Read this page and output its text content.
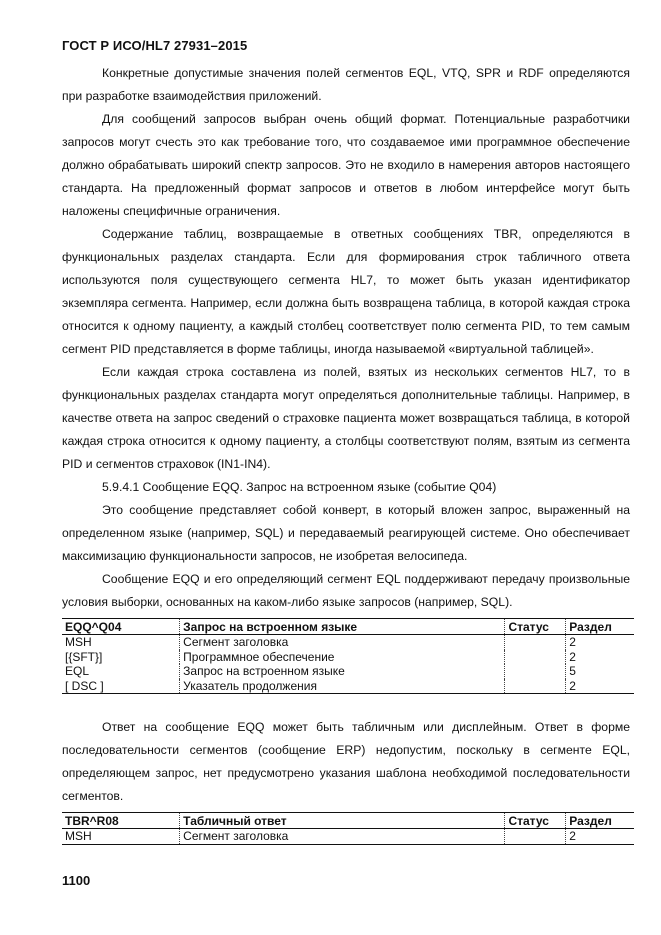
ГОСТ Р ИСО/HL7 27931–2015

Конкретные допустимые значения полей сегментов EQL, VTQ, SPR и RDF определяются при разработке взаимодействия приложений.

Для сообщений запросов выбран очень общий формат. Потенциальные разработчики запросов могут счесть это как требование того, что создаваемое ими программное обеспечение должно обрабатывать широкий спектр запросов. Это не входило в намерения авторов настоящего стандарта. На предложенный формат запросов и ответов в любом интерфейсе могут быть наложены специфичные ограничения.

Содержание таблиц, возвращаемые в ответных сообщениях TBR, определяются в функциональных разделах стандарта. Если для формирования строк табличного ответа используются поля существующего сегмента HL7, то может быть указан идентификатор экземпляра сегмента. Например, если должна быть возвращена таблица, в которой каждая строка относится к одному пациенту, а каждый столбец соответствует полю сегмента PID, то тем самым сегмент PID представляется в форме таблицы, иногда называемой «виртуальной таблицей».

Если каждая строка составлена из полей, взятых из нескольких сегментов HL7, то в функциональных разделах стандарта могут определяться дополнительные таблицы. Например, в качестве ответа на запрос сведений о страховке пациента может возвращаться таблица, в которой каждая строка относится к одному пациенту, а столбцы соответствуют полям, взятым из сегмента PID и сегментов страховок (IN1-IN4).

5.9.4.1 Сообщение EQQ. Запрос на встроенном языке (событие Q04)

Это сообщение представляет собой конверт, в который вложен запрос, выраженный на определенном языке (например, SQL) и передаваемый реагирующей системе. Оно обеспечивает максимизацию функциональности запросов, не изобретая велосипеда.

Сообщение EQQ и его определяющий сегмент EQL поддерживают передачу произвольные условия выборки, основанных на каком-либо языке запросов (например, SQL).

EQQ^Q04	Запрос на встроенном языке	Статус	Раздел
MSH	Сегмент заголовка		2
[{SFT}]	Программное обеспечение		2
EQL	Запрос на встроенном языке		5
[ DSC ]	Указатель продолжения		2

Ответ на сообщение EQQ может быть табличным или дисплейным. Ответ в форме последовательности сегментов (сообщение ERP) недопустим, поскольку в сегменте EQL, определяющем запрос, нет предусмотрено указания шаблона необходимой последовательности сегментов.

TBR^R08	Табличный ответ	Статус	Раздел
MSH	Сегмент заголовка		2
1100
